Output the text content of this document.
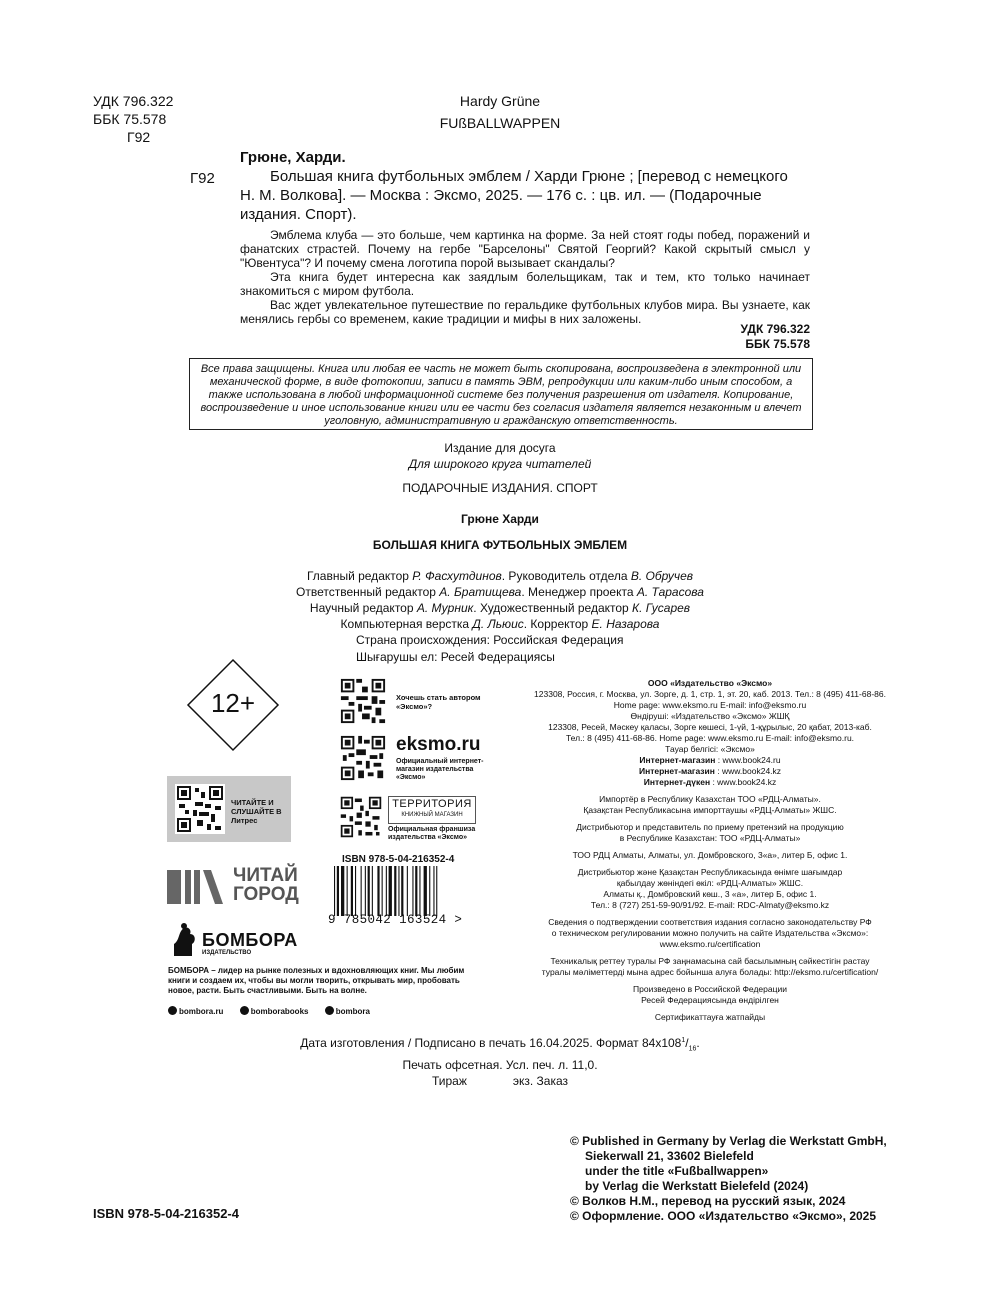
УДК 796.322
ББК 75.578
Г92
Hardy Grüne
FUßBALLWAPPEN
Г92
Грюне, Харди.
Большая книга футбольных эмблем / Харди Грюне ; [перевод с немецкого
Н. М. Волкова]. — Москва : Эксмо, 2025. — 176 с. : цв. ил. — (Подарочные
издания. Спорт).

Эмблема клуба — это больше, чем картинка на форме. За ней стоят годы побед, поражений и фанатских страстей. Почему на гербе "Барселоны" Святой Георгий? Какой скрытый смысл у "Ювентуса"? И почему смена логотипа порой вызывает скандалы?

Эта книга будет интересна как заядлым болельщикам, так и тем, кто только начинает знакомиться с миром футбола.

Вас ждет увлекательное путешествие по геральдике футбольных клубов мира. Вы узнаете, как менялись гербы со временем, какие традиции и мифы в них заложены.

УДК 796.322
ББК 75.578
Все права защищены. Книга или любая ее часть не может быть скопирована, воспроизведена в электронной или механической форме, в виде фотокопии, записи в память ЭВМ, репродукции или каким-либо иным способом, а также использована в любой информационной системе без получения разрешения от издателя. Копирование, воспроизведение и иное использование книги или ее части без согласия издателя является незаконным и влечет уголовную, административную и гражданскую ответственность.
Издание для досуга
Для широкого круга читателей
ПОДАРОЧНЫЕ ИЗДАНИЯ. СПОРТ
Грюне Харди
БОЛЬШАЯ КНИГА ФУТБОЛЬНЫХ ЭМБЛЕМ
Главный редактор Р. Фасхутдинов. Руководитель отдела В. Обручев
Ответственный редактор А. Братищева. Менеджер проекта А. Тарасова
Научный редактор А. Мурник. Художественный редактор К. Гусарев
Компьютерная верстка Д. Льюис. Корректор Е. Назарова
Страна происхождения: Российская Федерация
Шығарушы ел: Ресей Федерациясы
12+
ЧИТАЙТЕ И СЛУШАЙТЕ В Литрес
ЧИТАЙ ГОРОД
БОМБОРА
ИЗДАТЕЛЬСТВО
БОМБОРА – лидер на рынке полезных и вдохновляющих книг. Мы любим книги и создаем их, чтобы вы могли творить, открывать мир, пробовать новое, расти. Быть счастливыми. Быть на волне.
bombora.ru	bomborabooks	bombora
Хочешь стать автором «Эксмо»?
eksmo.ru
Официальный интернет-магазин издательства «Эксмо»
ТЕРРИТОРИЯ
КНИЖНЫЙ МАГАЗИН
Официальная франшиза издательства «Эксмо»
ISBN 978-5-04-216352-4
9 785042 163524 >
ООО «Издательство «Эксмо»
123308, Россия, г. Москва, ул. Зорге, д. 1, стр. 1, эт. 20, каб. 2013. Тел.: 8 (495) 411-68-86.
Home page: www.eksmo.ru E-mail: info@eksmo.ru
Өндіруші: «Издательство «Эксмо» ЖШҚ
123308, Ресей, Мәскеу қаласы, Зорге көшесі, 1-үй, 1-құрылыс, 20 қабат, 2013-каб.
Тел.: 8 (495) 411-68-86. Home page: www.eksmo.ru E-mail: info@eksmo.ru.
Тауар белгісі: «Эксмо»
Интернет-магазин : www.book24.ru
Интернет-магазин : www.book24.kz
Интернет-дүкен : www.book24.kz
Импортёр в Республику Казахстан ТОО «РДЦ-Алматы».
Қазақстан Республикасына импорттаушы «РДЦ-Алматы» ЖШС.
Дистрибьютор и представитель по приему претензий на продукцию
в Республике Казахстан: ТОО «РДЦ-Алматы»
ТОО РДЦ Алматы, Алматы, ул. Домбровского, 3«а», литер Б, офис 1.
Дистрибьютор және Қазақстан Республикасында өнімге шағымдар
қабылдау жөніндегі өкіл: «РДЦ-Алматы» ЖШС.
Алматы қ., Домбровский көш., 3 «а», литер Б, офис 1.
Тел.: 8 (727) 251-59-90/91/92. E-mail: RDC-Almaty@eksmo.kz
Сведения о подтверждении соответствия издания согласно законодательству РФ
о техническом регулировании можно получить на сайте Издательства «Эксмо»:
www.eksmo.ru/certification
Техникалық реттеу туралы РФ заңнамасына сай басылымның сәйкестігін растау
туралы мәліметтерді мына адрес бойынша алуға болады: http://eksmo.ru/certification/
Произведено в Российской Федерации
Ресей Федерациясында өндірілген
Сертификаттауға жатпайды
Дата изготовления / Подписано в печать 16.04.2025. Формат $84x108^1/_{16}$.
Печать офсетная. Усл. печ. л. 11,0.
Тираж	экз. Заказ
© Published in Germany by Verlag die Werkstatt GmbH,
Siekerwall 21, 33602 Bielefeld
under the title «Fußballwappen»
by Verlag die Werkstatt Bielefeld (2024)
© Волков Н.М., перевод на русский язык, 2024
© Оформление. ООО «Издательство «Эксмо», 2025
ISBN 978-5-04-216352-4
